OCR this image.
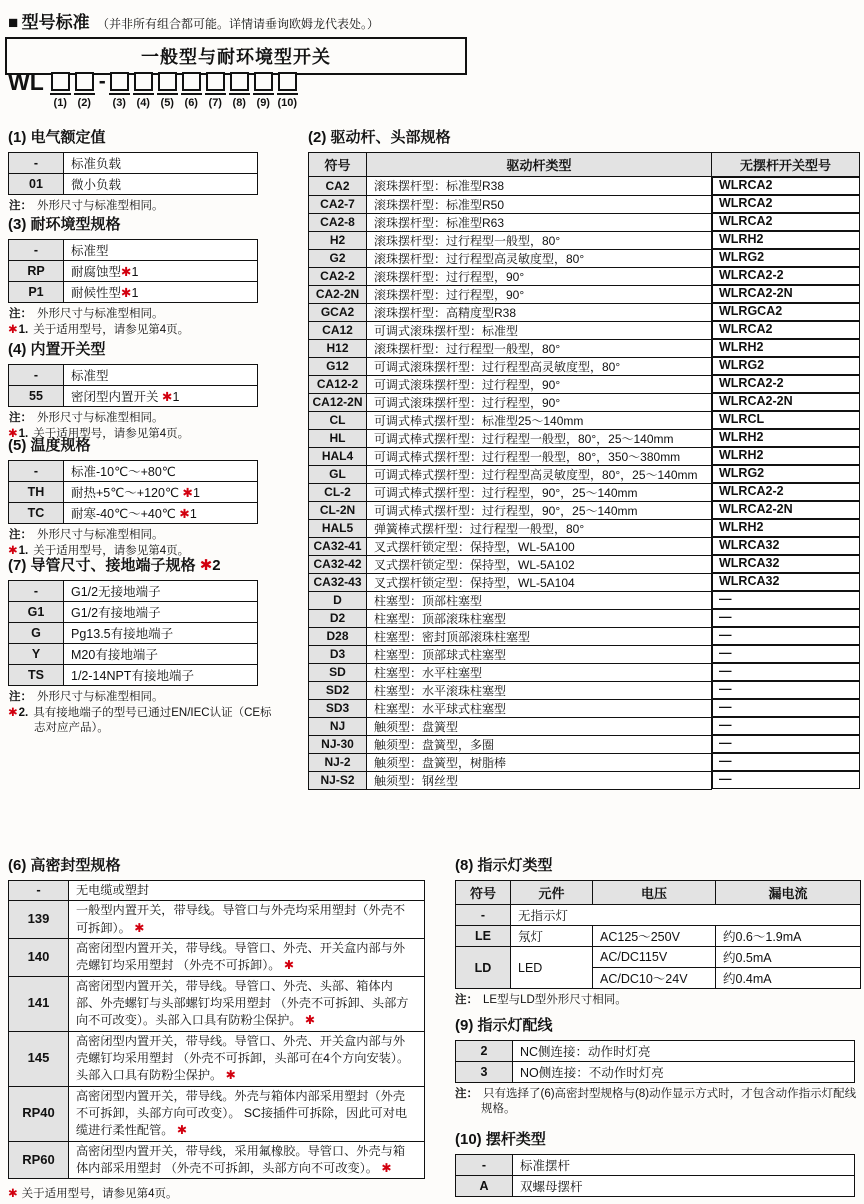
■ 型号标准 （并非所有组合都可能。详情请垂询欧姆龙代表处。）
一般型与耐环境型开关
WL
(1) (2)
-
(3) (4) (5) (6) (7) (8) (9) (10)
(1) 电气额定值
-	标准负载
01	微小负载
注： 外形尺寸与标准型相同。
(3) 耐环境型规格
-	标准型
RP	耐腐蚀型✱1
P1	耐候性型✱1
注： 外形尺寸与标准型相同。
✱1. 关于适用型号，请参见第4页。
(4) 内置开关型
-	标准型
55	密闭型内置开关 ✱1
注： 外形尺寸与标准型相同。
✱1. 关于适用型号，请参见第4页。
(5) 温度规格
-	标准-10℃～+80℃
TH	耐热+5℃～+120℃ ✱1
TC	耐寒-40℃～+40℃ ✱1
注： 外形尺寸与标准型相同。
✱1. 关于适用型号，请参见第4页。
(7) 导管尺寸、接地端子规格 ✱2
-	G1/2无接地端子
G1	G1/2有接地端子
G	Pg13.5有接地端子
Y	M20有接地端子
TS	1/2-14NPT有接地端子
注： 外形尺寸与标准型相同。
✱2. 具有接地端子的型号已通过EN/IEC认证（CE标志对应产品）。
(2) 驱动杆、头部规格
符号	驱动杆类型	无摆杆开关型号
CA2	滚珠摆杆型：标准型R38		WLRCA2

CA2-7	滚珠摆杆型：标准型R50		WLRCA2

CA2-8	滚珠摆杆型：标准型R63		WLRCA2

H2	滚珠摆杆型：过行程型一般型，80°		WLRH2

G2	滚珠摆杆型：过行程型高灵敏度型，80°		WLRG2

CA2-2	滚珠摆杆型：过行程型，90°		WLRCA2-2

CA2-2N	滚珠摆杆型：过行程型，90°		WLRCA2-2N

GCA2	滚珠摆杆型：高精度型R38		WLRGCA2

CA12	可调式滚珠摆杆型：标准型		WLRCA2

H12	滚珠摆杆型：过行程型一般型，80°		WLRH2

G12	可调式滚珠摆杆型：过行程型高灵敏度型，80°		WLRG2

CA12-2	可调式滚珠摆杆型：过行程型，90°		WLRCA2-2

CA12-2N	可调式滚珠摆杆型：过行程型，90°		WLRCA2-2N

CL	可调式棒式摆杆型：标准型25～140mm		WLRCL

HL	可调式棒式摆杆型：过行程型一般型，80°，25～140mm		WLRH2

HAL4	可调式棒式摆杆型：过行程型一般型，80°，350～380mm		WLRH2

GL	可调式棒式摆杆型：过行程型高灵敏度型，80°，25～140mm		WLRG2

CL-2	可调式棒式摆杆型：过行程型，90°，25～140mm		WLRCA2-2

CL-2N	可调式棒式摆杆型：过行程型，90°，25～140mm		WLRCA2-2N

HAL5	弹簧棒式摆杆型：过行程型一般型，80°		WLRH2

CA32-41	叉式摆杆锁定型：保持型，WL-5A100		WLRCA32

CA32-42	叉式摆杆锁定型：保持型，WL-5A102		WLRCA32

CA32-43	叉式摆杆锁定型：保持型，WL-5A104		WLRCA32

D	柱塞型：顶部柱塞型		—

D2	柱塞型：顶部滚珠柱塞型		—

D28	柱塞型：密封顶部滚珠柱塞型		—

D3	柱塞型：顶部球式柱塞型		—

SD	柱塞型：水平柱塞型		—

SD2	柱塞型：水平滚珠柱塞型		—

SD3	柱塞型：水平球式柱塞型		—

NJ	触须型：盘簧型		—

NJ-30	触须型：盘簧型，多圈		—

NJ-2	触须型：盘簧型，树脂棒		—

NJ-S2	触须型：钢丝型		—
(6) 高密封型规格
-	无电缆或塑封
139	一般型内置开关，带导线。导管口与外壳均采用塑封（外壳不可拆卸）。 ✱
140	高密闭型内置开关，带导线。导管口、外壳、开关盒内部与外壳螺钉均采用塑封 （外壳不可拆卸）。 ✱
141	高密闭型内置开关，带导线。导管口、外壳、头部、箱体内部、外壳螺钉与头部螺钉均采用塑封 （外壳不可拆卸、头部方向不可改变）。头部入口具有防粉尘保护。 ✱
145	高密闭型内置开关，带导线。导管口、外壳、开关盒内部与外壳螺钉均采用塑封 （外壳不可拆卸，头部可在4个方向安装）。头部入口具有防粉尘保护。 ✱
RP40	高密闭型内置开关，带导线。外壳与箱体内部采用塑封（外壳不可拆卸，头部方向可改变）。 SC接插件可拆除，因此可对电缆进行柔性配管。 ✱
RP60	高密闭型内置开关，带导线，采用氟橡胶。导管口、外壳与箱体内部采用塑封 （外壳不可拆卸，头部方向不可改变）。 ✱
✱ 关于适用型号，请参见第4页。
(8) 指示灯类型
符号	元件	电压	漏电流
-	无指示灯		
LE	氖灯	AC125～250V	约0.6～1.9mA
LD	LED	AC/DC115V	约0.5mA
		AC/DC10～24V	约0.4mA
注： LE型与LD型外形尺寸相同。
(9) 指示灯配线
2	NC侧连接：动作时灯亮
3	NO侧连接：不动作时灯亮
注： 只有选择了(6)高密封型规格与(8)动作显示方式时，才包含动作指示灯配线规格。
(10) 摆杆类型
-	标准摆杆
A	双螺母摆杆
